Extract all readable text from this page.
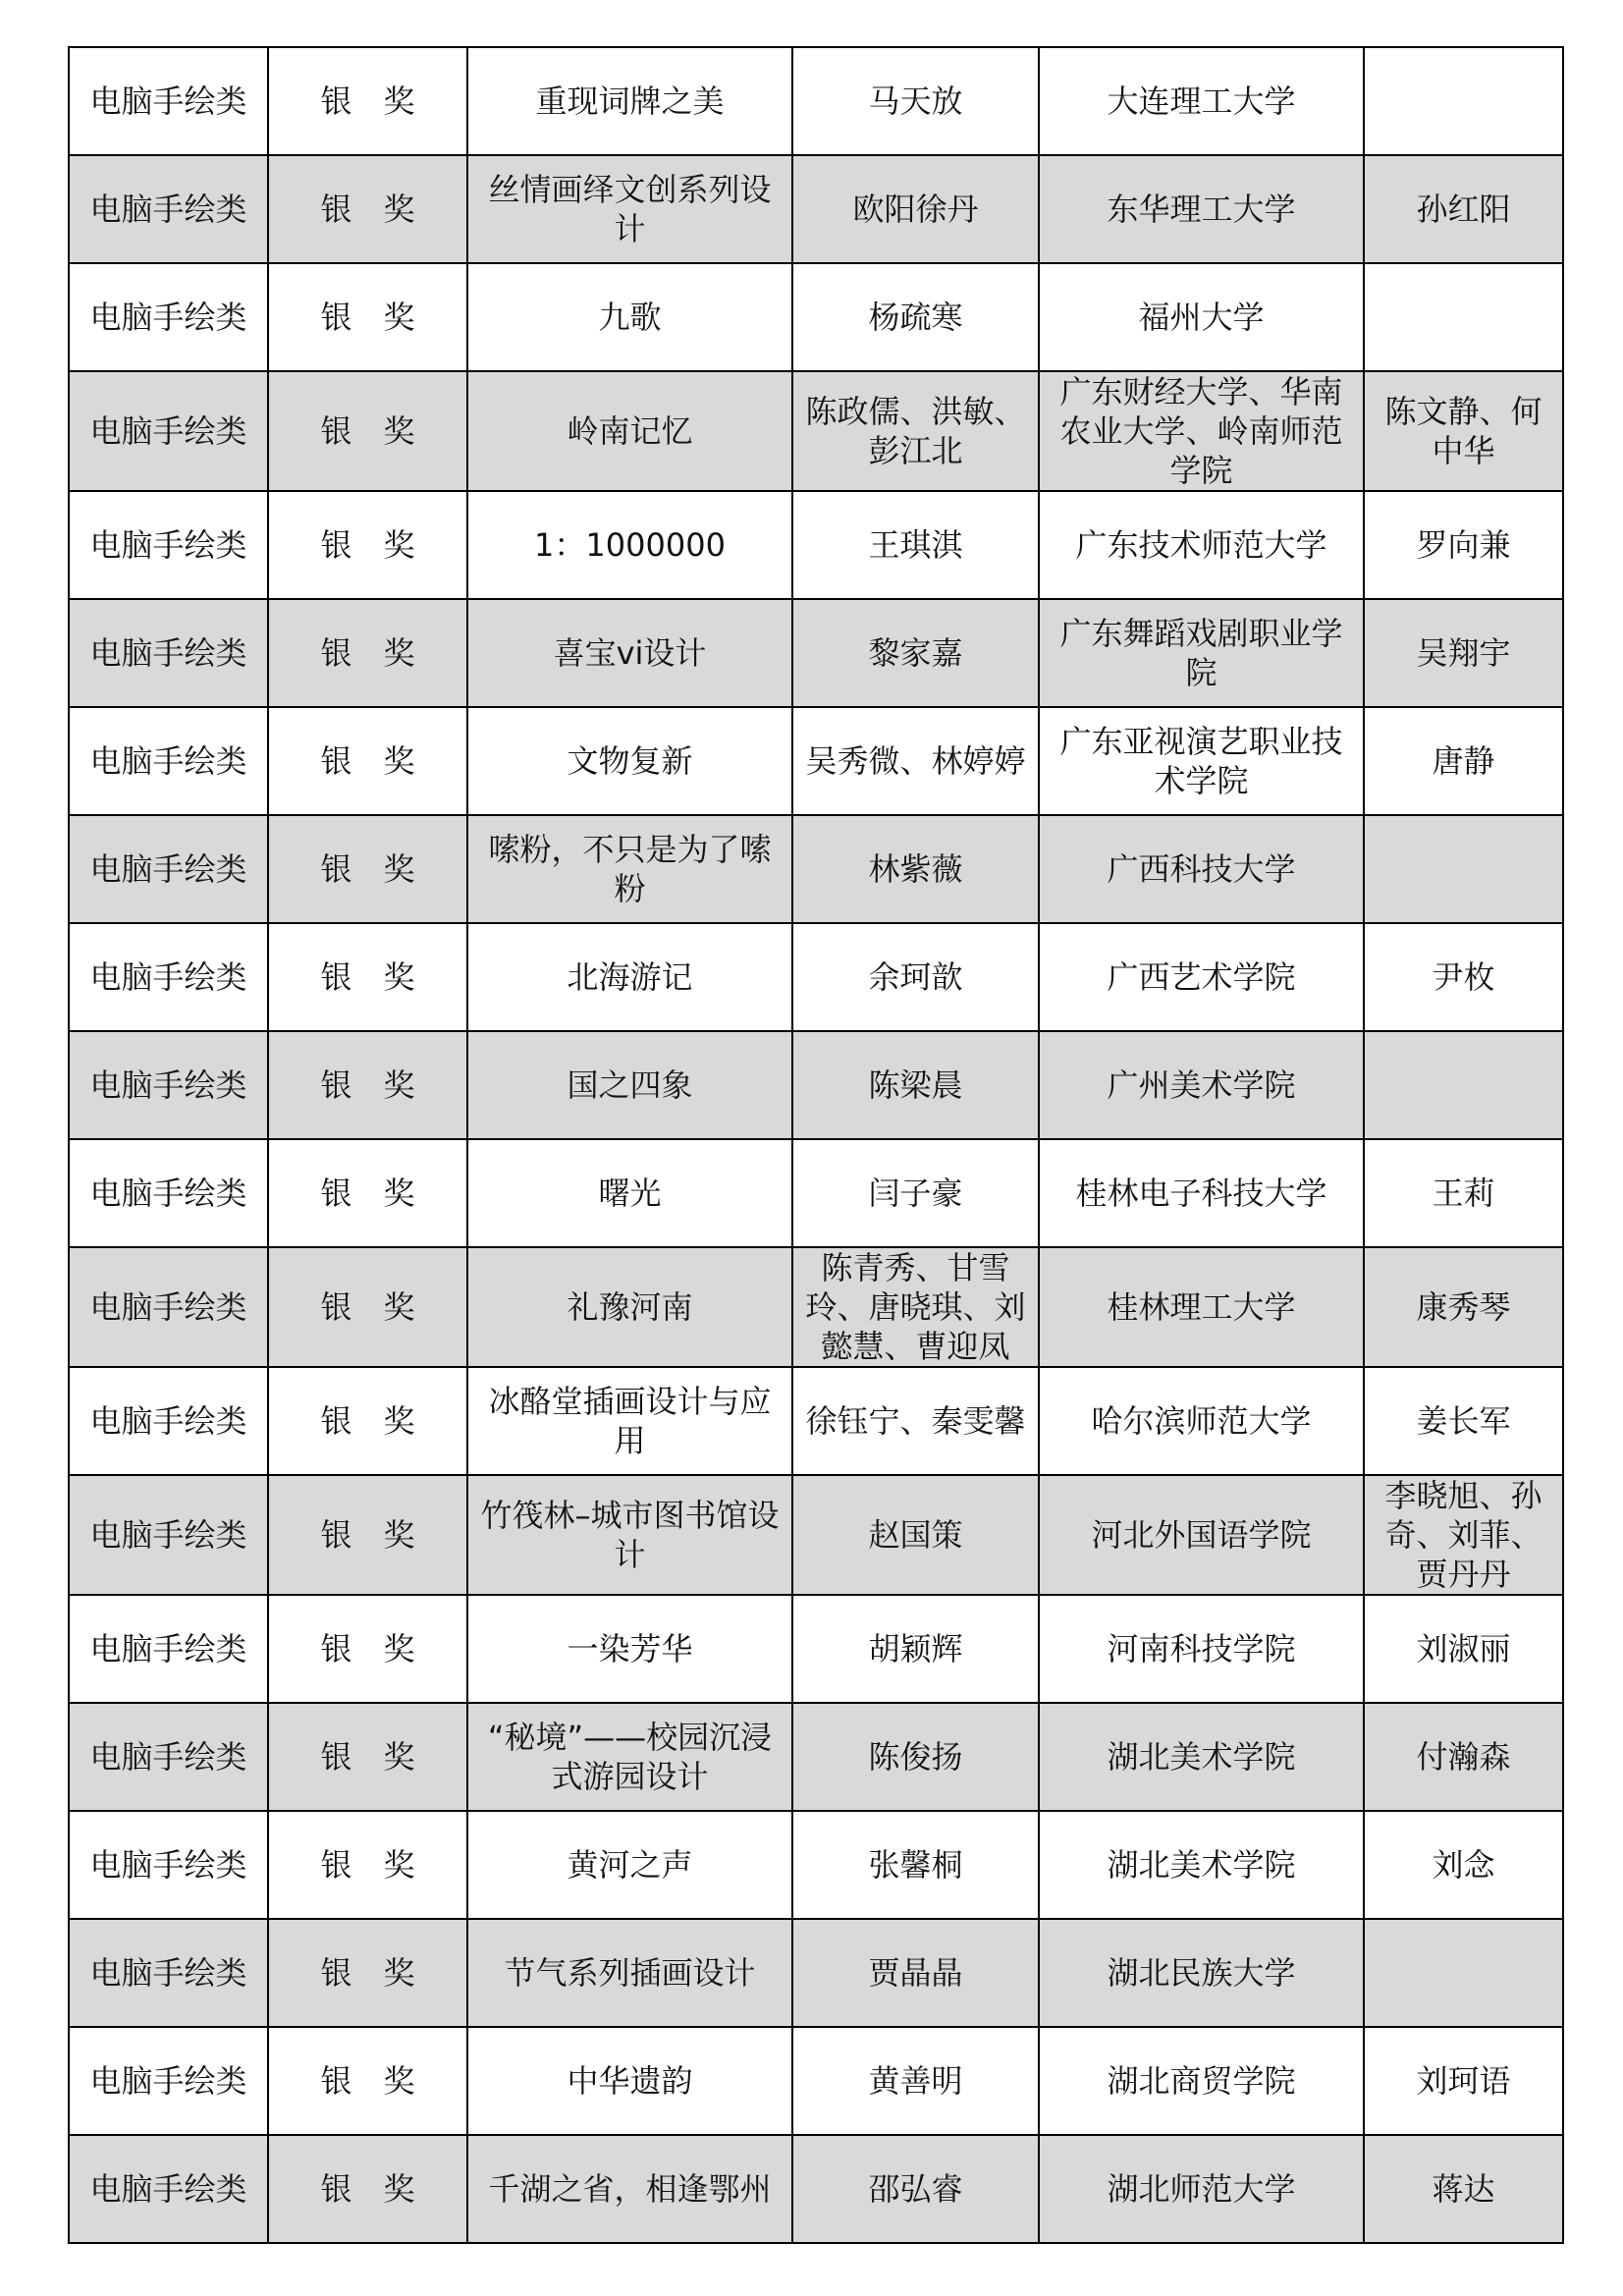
电脑手绘类	银　奖	重现词牌之美	马天放	大连理工大学	
电脑手绘类	银　奖	丝情画绎文创系列设计	欧阳徐丹	东华理工大学	孙红阳
电脑手绘类	银　奖	九歌	杨疏寒	福州大学	
电脑手绘类	银　奖	岭南记忆	陈政儒、洪敏、彭江北	广东财经大学、华南农业大学、岭南师范学院	陈文静、何中华
电脑手绘类	银　奖	1：1000000	王琪淇	广东技术师范大学	罗向兼
电脑手绘类	银　奖	喜宝vi设计	黎家嘉	广东舞蹈戏剧职业学院	吴翔宇
电脑手绘类	银　奖	文物复新	吴秀微、林婷婷	广东亚视演艺职业技术学院	唐静
电脑手绘类	银　奖	嗦粉，不只是为了嗦粉	林紫薇	广西科技大学	
电脑手绘类	银　奖	北海游记	余珂歆	广西艺术学院	尹枚
电脑手绘类	银　奖	国之四象	陈梁晨	广州美术学院	
电脑手绘类	银　奖	曙光	闫子豪	桂林电子科技大学	王莉
电脑手绘类	银　奖	礼豫河南	陈青秀、甘雪玲、唐晓琪、刘懿慧、曹迎凤	桂林理工大学	康秀琴
电脑手绘类	银　奖	冰酪堂插画设计与应用	徐钰宁、秦雯馨	哈尔滨师范大学	姜长军
电脑手绘类	银　奖	竹筏林–城市图书馆设计	赵国策	河北外国语学院	李晓旭、孙奇、刘菲、贾丹丹
电脑手绘类	银　奖	一染芳华	胡颖辉	河南科技学院	刘淑丽
电脑手绘类	银　奖	“秘境”——校园沉浸式游园设计	陈俊扬	湖北美术学院	付瀚森
电脑手绘类	银　奖	黄河之声	张馨桐	湖北美术学院	刘念
电脑手绘类	银　奖	节气系列插画设计	贾晶晶	湖北民族大学	
电脑手绘类	银　奖	中华遗韵	黄善明	湖北商贸学院	刘珂语
电脑手绘类	银　奖	千湖之省，相逢鄂州	邵弘睿	湖北师范大学	蒋达
